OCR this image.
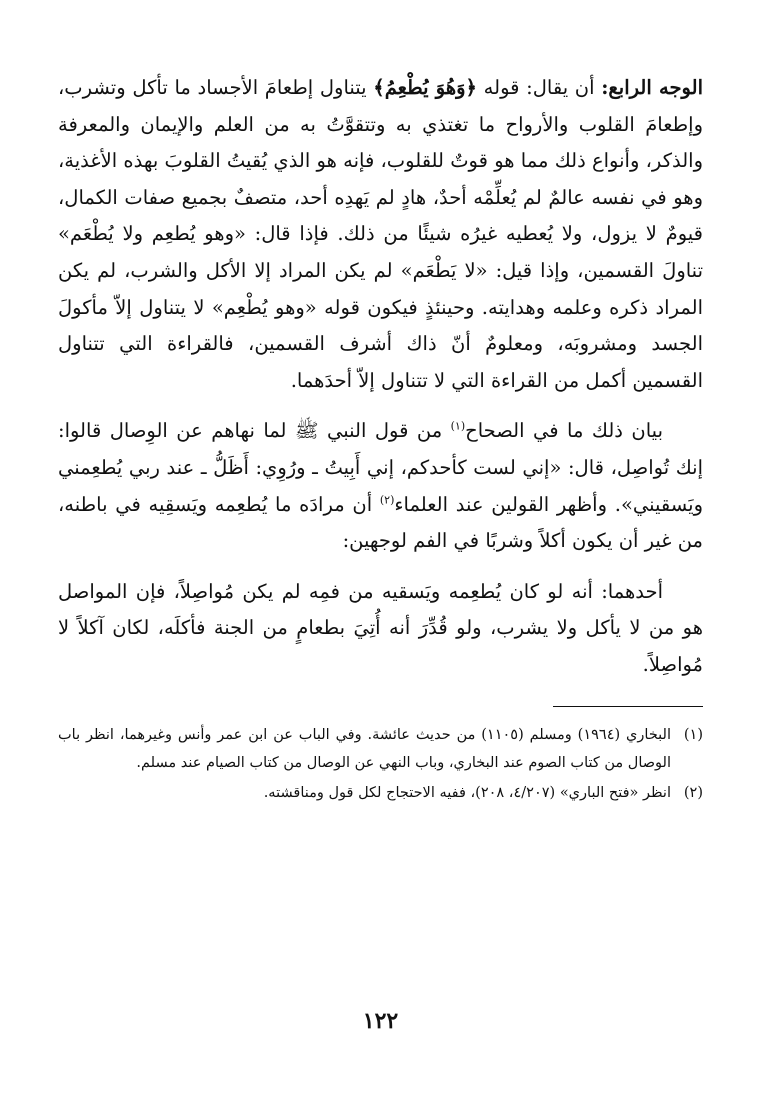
الوجه الرابع: أن يقال: قوله ﴿وَهُوَ يُطْعِمُ﴾ يتناول إطعامَ الأجساد ما تأكل وتشرب، وإطعامَ القلوب والأرواح ما تغتذي به وتتقوَّتُ به من العلم والإيمان والمعرفة والذكر، وأنواع ذلك مما هو قوتٌ للقلوب، فإنه هو الذي يُقيتُ القلوبَ بهذه الأغذية، وهو في نفسه عالمٌ لم يُعلِّمْه أحدٌ، هادٍ لم يَهدِه أحد، متصفٌ بجميع صفات الكمال، قيومٌ لا يزول، ولا يُعطيه غيرُه شيئًا من ذلك. فإذا قال: «وهو يُطعِم ولا يُطْعَم» تناولَ القسمين، وإذا قيل: «لا يَطْعَم» لم يكن المراد إلا الأكل والشرب، لم يكن المراد ذكره وعلمه وهدايته. وحينئذٍ فيكون قوله «وهو يُطْعِم» لا يتناول إلاّ مأكولَ الجسد ومشروبَه، ومعلومٌ أنّ ذاك أشرف القسمين، فالقراءة التي تتناول القسمين أكمل من القراءة التي لا تتناول إلاّ أحدَهما.

بيان ذلك ما في الصحاح$^{(١)}$ من قول النبي ﷺ لما نهاهم عن الوِصال قالوا: إنك تُواصِل، قال: «إني لست كأحدكم، إني أَبِيتُ ـ ورُوِي: أَظَلُّ ـ عند ربي يُطعِمني ويَسقيني». وأظهر القولين عند العلماء$^{(٢)}$ أن مرادَه ما يُطعِمه ويَسقِيه في باطنه، من غير أن يكون أكلاً وشربًا في الفم لوجهين:

أحدهما: أنه لو كان يُطعِمه ويَسقيه من فمِه لم يكن مُواصِلاً، فإن المواصل هو من لا يأكل ولا يشرب، ولو قُدِّرَ أنه أُتِيَ بطعامٍ من الجنة فأكلَه، لكان آكلاً لا مُواصِلاً.

(١)
البخاري (١٩٦٤) ومسلم (١١٠٥) من حديث عائشة. وفي الباب عن ابن عمر وأنس وغيرهما، انظر باب الوصال من كتاب الصوم عند البخاري، وباب النهي عن الوصال من كتاب الصيام عند مسلم.

(٢)
انظر «فتح الباري» (٤/٢٠٧، ٢٠٨)، ففيه الاحتجاج لكل قول ومناقشته.

١٢٢
